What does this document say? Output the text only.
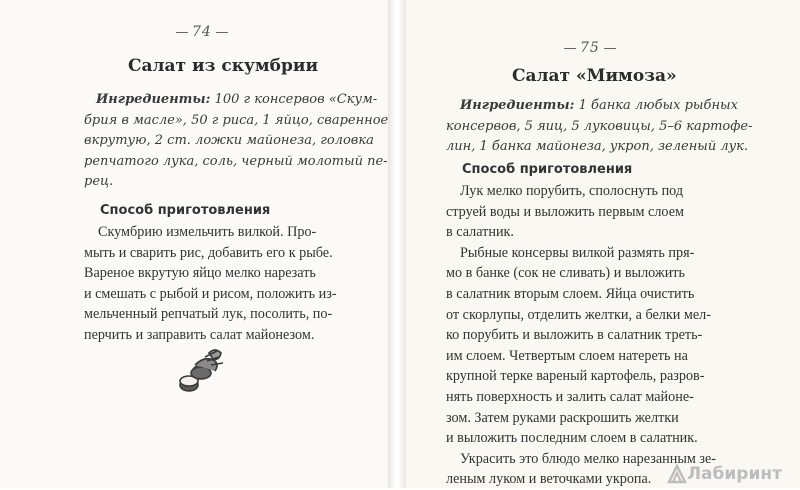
74
Салат из скумбрии
Ингредиенты: 100 г консервов «Скум-
брия в масле», 50 г риса, 1 яйцо, сваренное
вкрутую, 2 ст. ложки майонеза, головка
репчатого лука, соль, черный молотый пе-
рец.
Способ приготовления
Скумбрию измельчить вилкой. Про-
мыть и сварить рис, добавить его к рыбе.
Вареное вкрутую яйцо мелко нарезать
и смешать с рыбой и рисом, положить из-
мельченный репчатый лук, посолить, по-
перчить и заправить салат майонезом.
75
Салат «Мимоза»
Ингредиенты: 1 банка любых рыбных
консервов, 5 яиц, 5 луковицы, 5–6 картофе-
лин, 1 банка майонеза, укроп, зеленый лук.
Способ приготовления
Лук мелко порубить, сполоснуть под
струей воды и выложить первым слоем
в салатник.
Рыбные консервы вилкой размять пря-
мо в банке (сок не сливать) и выложить
в салатник вторым слоем. Яйца очистить
от скорлупы, отделить желтки, а белки мел-
ко порубить и выложить в салатник треть-
им слоем. Четвертым слоем натереть на
крупной терке вареный картофель, разров-
нять поверхность и залить салат майоне-
зом. Затем руками раскрошить желтки
и выложить последним слоем в салатник.
Украсить это блюдо мелко нарезанным зе-
леным луком и веточками укропа.	Лабиринт
